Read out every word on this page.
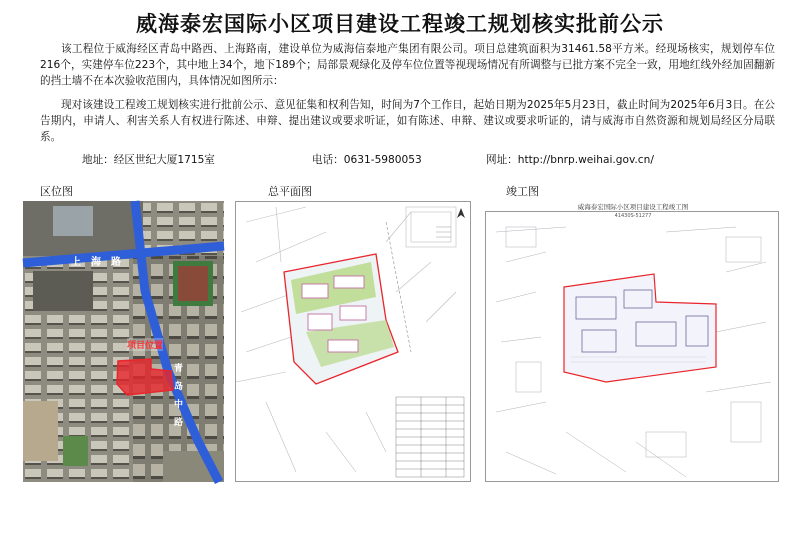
威海泰宏国际小区项目建设工程竣工规划核实批前公示

该工程位于威海经区青岛中路西、上海路南，建设单位为威海信泰地产集团有限公司。项目总建筑面积为31461.58平方米。经现场核实，规划停车位216个，实建停车位223个，其中地上34个，地下189个；局部景观绿化及停车位位置等视现场情况有所调整与已批方案不完全一致，用地红线外经加固翻新的挡土墙不在本次验收范围内，具体情况如图所示：

现对该建设工程竣工规划核实进行批前公示、意见征集和权利告知，时间为7个工作日，起始日期为2025年5月23日，截止时间为2025年6月3日。在公告期内，申请人、利害关系人有权进行陈述、申辩、提出建议或要求听证，如有陈述、申辩、建议或要求听证的，请与威海市自然资源和规划局经区分局联系。

地址：经区世纪大厦1715室	电话：0631-5980053	网址：http://bnrp.weihai.gov.cn/
区位图	总平面图	竣工图
上　海　路
青　岛　中　路
项目位置
威海泰宏国际小区项目建设工程竣工图
41430S-51277
